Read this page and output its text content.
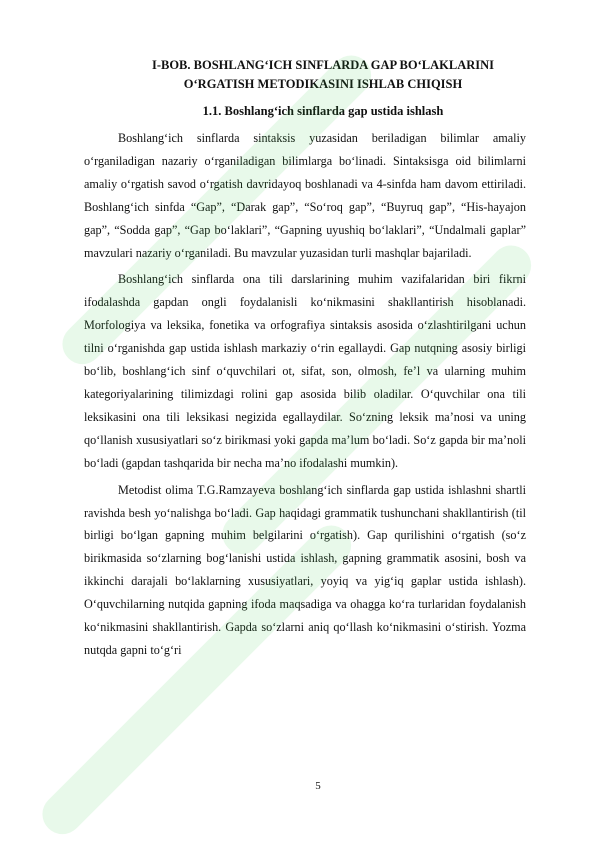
I-BOB. BOSHLANG‘ICH SINFLARDA GAP BO‘LAKLARINI

O‘RGATISH METODIKASINI ISHLAB CHIQISH

1.1. Boshlang‘ich sinflarda gap ustida ishlash

Boshlang‘ich sinflarda sintaksis yuzasidan beriladigan bilimlar amaliy o‘rganiladigan nazariy o‘rganiladigan bilimlarga bo‘linadi. Sintaksisga oid bilimlarni amaliy o‘rgatish savod o‘rgatish davridayoq boshlanadi va 4-sinfda ham davom ettiriladi. Boshlang‘ich sinfda “Gap”, “Darak gap”, “So‘roq gap”, “Buyruq gap”, “His-hayajon gap”, “Sodda gap”, “Gap bo‘laklari”, “Gapning uyushiq bo‘laklari”, “Undalmali gaplar” mavzulari nazariy o‘rganiladi. Bu mavzular yuzasidan turli mashqlar bajariladi.

Boshlang‘ich sinflarda ona tili darslarining muhim vazifalaridan biri fikrni ifodalashda gapdan ongli foydalanisli ko‘nikmasini shakllantirish hisoblanadi. Morfologiya va leksika, fonetika va orfografiya sintaksis asosida o‘zlashtirilgani uchun tilni o‘rganishda gap ustida ishlash markaziy o‘rin egallaydi. Gap nutqning asosiy birligi bo‘lib, boshlang‘ich sinf o‘quvchilari ot, sifat, son, olmosh, fe’l va ularning muhim kategoriyalarining tilimizdagi rolini gap asosida bilib oladilar. O‘quvchilar ona tili leksikasini ona tili leksikasi negizida egallaydilar. So‘zning leksik ma’nosi va uning qo‘llanish xususiyatlari so‘z birikmasi yoki gapda ma’lum bo‘ladi. So‘z gapda bir ma’noli bo‘ladi (gapdan tashqarida bir necha ma’no ifodalashi mumkin).

Metodist olima T.G.Ramzayeva boshlang‘ich sinflarda gap ustida ishlashni shartli ravishda besh yo‘nalishga bo‘ladi. Gap haqidagi grammatik tushunchani shakllantirish (til birligi bo‘lgan gapning muhim belgilarini o‘rgatish). Gap qurilishini o‘rgatish (so‘z birikmasida so‘zlarning bog‘lanishi ustida ishlash, gapning grammatik asosini, bosh va ikkinchi darajali bo‘laklarning xususiyatlari, yoyiq va yig‘iq gaplar ustida ishlash). O‘quvchilarning nutqida gapning ifoda maqsadiga va ohagga ko‘ra turlaridan foydalanish ko‘nikmasini shakllantirish. Gapda so‘zlarni aniq qo‘llash ko‘nikmasini o‘stirish. Yozma nutqda gapni to‘g‘ri

5
